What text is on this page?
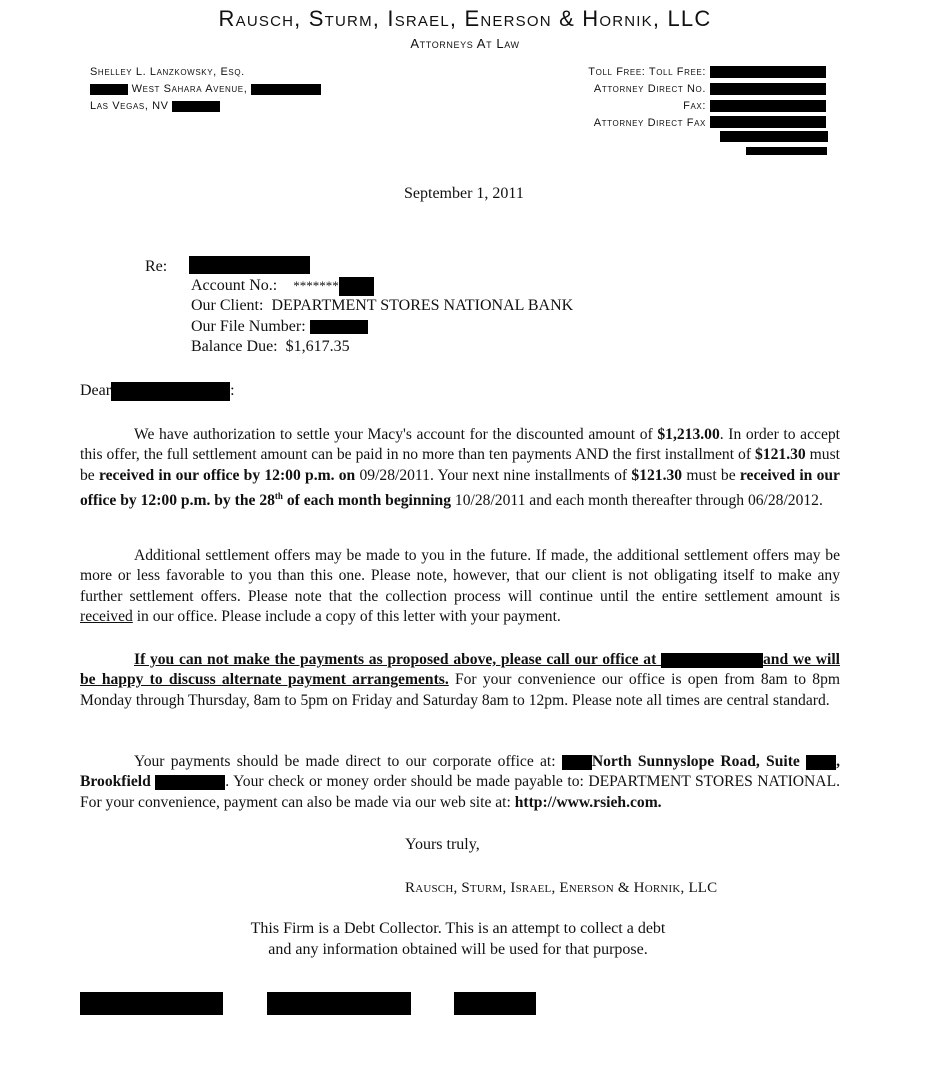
Rausch, Sturm, Israel, Enerson & Hornik, LLC
Attorneys At Law
Shelley L. Lanzkowsky, Esq.
West Sahara Avenue,
Las Vegas, NV
Toll Free: Toll Free:
Attorney Direct No.
Fax:
Attorney Direct Fax
September 1, 2011
Re:
Account No.: *******
Our Client: DEPARTMENT STORES NATIONAL BANK
Our File Number:
Balance Due: $1,617.35
Dear	:
We have authorization to settle your Macy's account for the discounted amount of $1,213.00. In order to accept this offer, the full settlement amount can be paid in no more than ten payments AND the first installment of $121.30 must be received in our office by 12:00 p.m. on 09/28/2011. Your next nine installments of $121.30 must be received in our office by 12:00 p.m. by the 28th of each month beginning 10/28/2011 and each month thereafter through 06/28/2012.
Additional settlement offers may be made to you in the future. If made, the additional settlement offers may be more or less favorable to you than this one. Please note, however, that our client is not obligating itself to make any further settlement offers. Please note that the collection process will continue until the entire settlement amount is received in our office. Please include a copy of this letter with your payment.
If you can not make the payments as proposed above, please call our office at	and we will be happy to discuss alternate payment arrangements. For your convenience our office is open from 8am to 8pm Monday through Thursday, 8am to 5pm on Friday and Saturday 8am to 12pm. Please note all times are central standard.
Your payments should be made direct to our corporate office at: North Sunnyslope Road, Suite , Brookfield	. Your check or money order should be made payable to: DEPARTMENT STORES NATIONAL. For your convenience, payment can also be made via our web site at: http://www.rsieh.com.
Yours truly,
Rausch, Sturm, Israel, Enerson & Hornik, LLC
This Firm is a Debt Collector. This is an attempt to collect a debt
and any information obtained will be used for that purpose.
